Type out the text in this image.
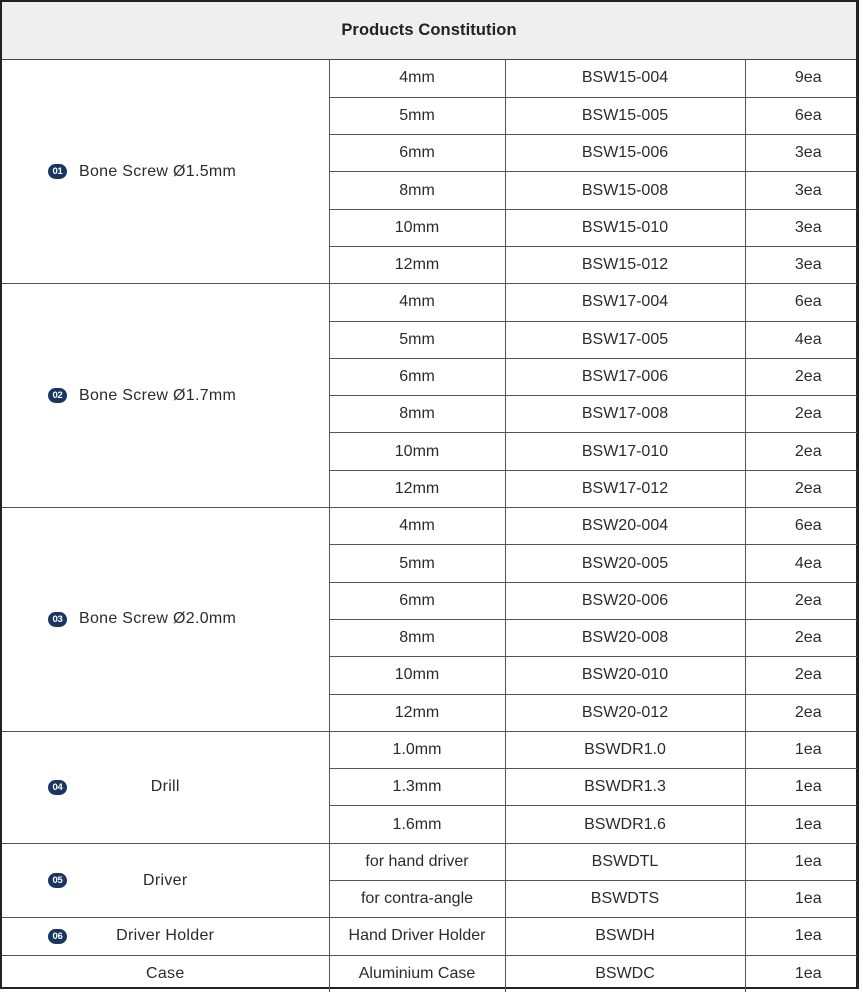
Products Constitution
01 Bone Screw Ø1.5mm	4mm	BSW15-004	9ea
	5mm	BSW15-005	6ea
	6mm	BSW15-006	3ea
	8mm	BSW15-008	3ea
	10mm	BSW15-010	3ea
	12mm	BSW15-012	3ea

02 Bone Screw Ø1.7mm	4mm	BSW17-004	6ea
	5mm	BSW17-005	4ea
	6mm	BSW17-006	2ea
	8mm	BSW17-008	2ea
	10mm	BSW17-010	2ea
	12mm	BSW17-012	2ea

03 Bone Screw Ø2.0mm	4mm	BSW20-004	6ea
	5mm	BSW20-005	4ea
	6mm	BSW20-006	2ea
	8mm	BSW20-008	2ea
	10mm	BSW20-010	2ea
	12mm	BSW20-012	2ea

04 Drill	1.0mm	BSWDR1.0	1ea
	1.3mm	BSWDR1.3	1ea
	1.6mm	BSWDR1.6	1ea

05 Driver	for hand driver	BSWDTL	1ea
	for contra-angle	BSWDTS	1ea

06 Driver Holder	Hand Driver Holder	BSWDH	1ea

Case	Aluminium Case	BSWDC	1ea
